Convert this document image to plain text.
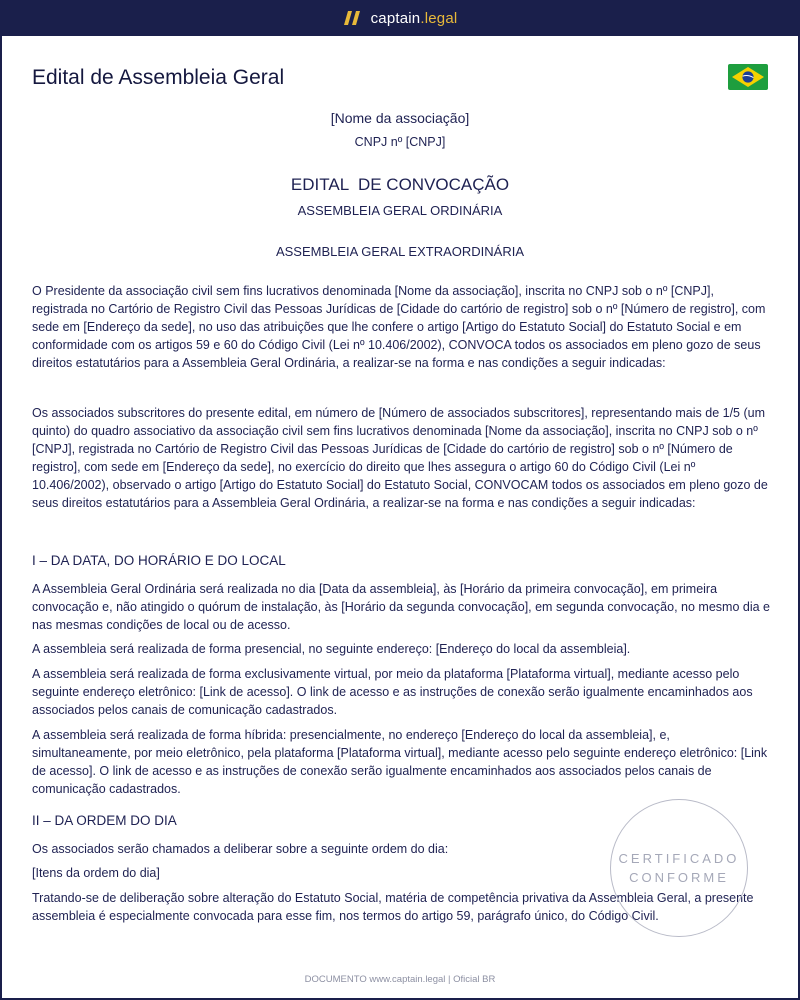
captain.legal
Edital de Assembleia Geral
[Nome da associação]
CNPJ nº [CNPJ]
EDITAL  DE CONVOCAÇÃO
ASSEMBLEIA GERAL ORDINÁRIA
ASSEMBLEIA GERAL EXTRAORDINÁRIA

O Presidente da associação civil sem fins lucrativos denominada [Nome da associação], inscrita no CNPJ sob o nº [CNPJ], registrada no Cartório de Registro Civil das Pessoas Jurídicas de [Cidade do cartório de registro] sob o nº [Número de registro], com sede em [Endereço da sede], no uso das atribuições que lhe confere o artigo [Artigo do Estatuto Social] do Estatuto Social e em conformidade com os artigos 59 e 60 do Código Civil (Lei nº 10.406/2002), CONVOCA todos os associados em pleno gozo de seus direitos estatutários para a Assembleia Geral Ordinária, a realizar-se na forma e nas condições a seguir indicadas:

Os associados subscritores do presente edital, em número de [Número de associados subscritores], representando mais de 1/5 (um quinto) do quadro associativo da associação civil sem fins lucrativos denominada [Nome da associação], inscrita no CNPJ sob o nº [CNPJ], registrada no Cartório de Registro Civil das Pessoas Jurídicas de [Cidade do cartório de registro] sob o nº [Número de registro], com sede em [Endereço da sede], no exercício do direito que lhes assegura o artigo 60 do Código Civil (Lei nº 10.406/2002), observado o artigo [Artigo do Estatuto Social] do Estatuto Social, CONVOCAM todos os associados em pleno gozo de seus direitos estatutários para a Assembleia Geral Ordinária, a realizar-se na forma e nas condições a seguir indicadas:

I – DA DATA, DO HORÁRIO E DO LOCAL

A Assembleia Geral Ordinária será realizada no dia [Data da assembleia], às [Horário da primeira convocação], em primeira convocação e, não atingido o quórum de instalação, às [Horário da segunda convocação], em segunda convocação, no mesmo dia e nas mesmas condições de local ou de acesso.

A assembleia será realizada de forma presencial, no seguinte endereço: [Endereço do local da assembleia].

A assembleia será realizada de forma exclusivamente virtual, por meio da plataforma [Plataforma virtual], mediante acesso pelo seguinte endereço eletrônico: [Link de acesso]. O link de acesso e as instruções de conexão serão igualmente encaminhados aos associados pelos canais de comunicação cadastrados.

A assembleia será realizada de forma híbrida: presencialmente, no endereço [Endereço do local da assembleia], e, simultaneamente, por meio eletrônico, pela plataforma [Plataforma virtual], mediante acesso pelo seguinte endereço eletrônico: [Link de acesso]. O link de acesso e as instruções de conexão serão igualmente encaminhados aos associados pelos canais de comunicação cadastrados.

II – DA ORDEM DO DIA

Os associados serão chamados a deliberar sobre a seguinte ordem do dia:

[Itens da ordem do dia]

Tratando-se de deliberação sobre alteração do Estatuto Social, matéria de competência privativa da Assembleia Geral, a presente assembleia é especialmente convocada para esse fim, nos termos do artigo 59, parágrafo único, do Código Civil.

CERTIFICADO
CONFORME
DOCUMENTO www.captain.legal | Oficial BR
